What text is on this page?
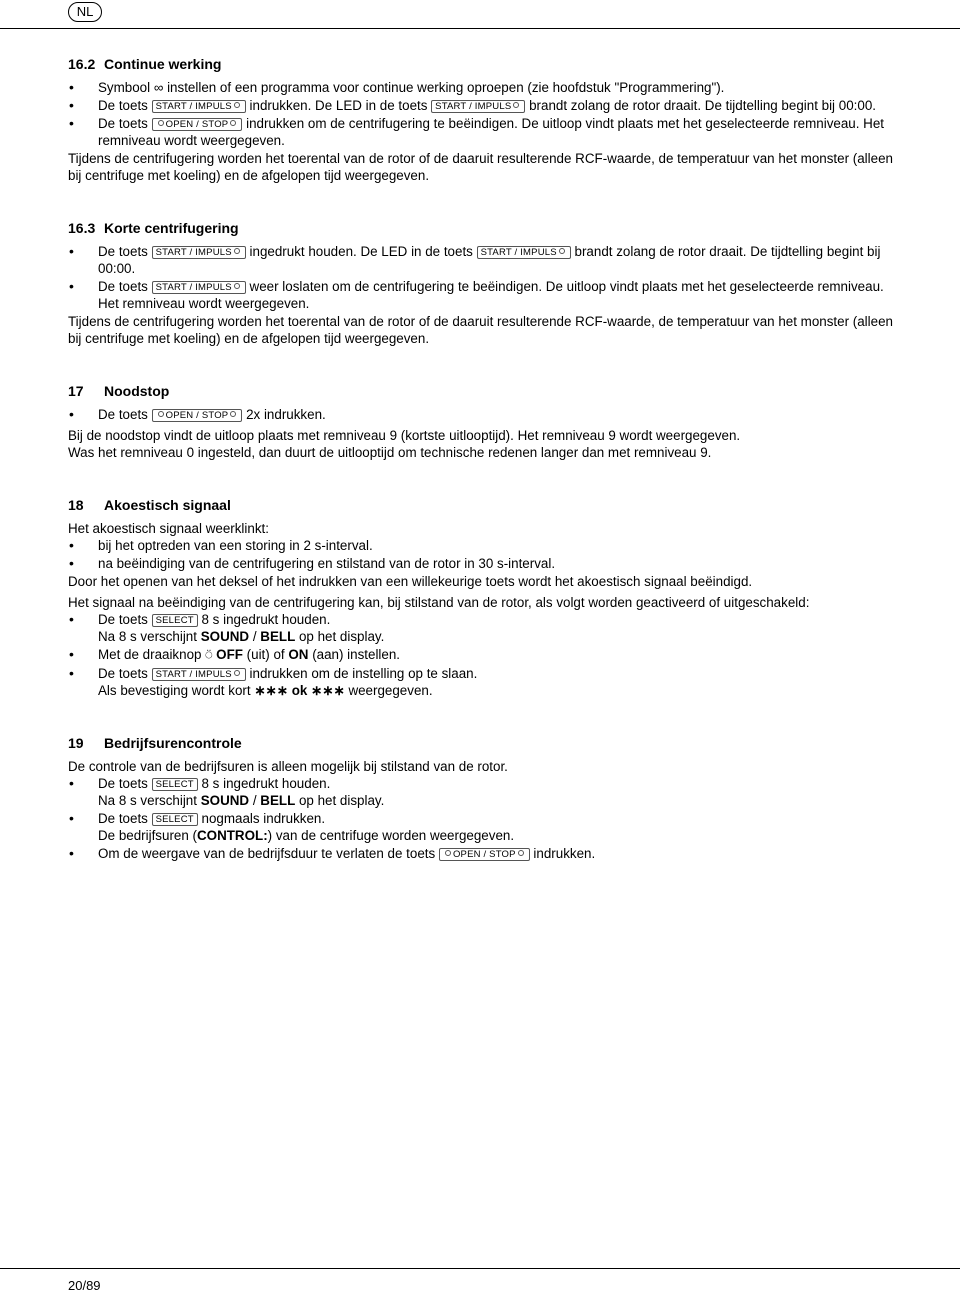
NL
16.2 Continue werking
• Symbool ∞ instellen of een programma voor continue werking oproepen (zie hoofdstuk "Programmering").
• De toets START / IMPULS indrukken. De LED in de toets START / IMPULS brandt zolang de rotor draait. De tijdtelling begint bij 00:00.
• De toets OPEN / STOP indrukken om de centrifugering te beëindigen. De uitloop vindt plaats met het geselecteerde remniveau. Het remniveau wordt weergegeven.

Tijdens de centrifugering worden het toerental van de rotor of de daaruit resulterende RCF-waarde, de temperatuur van het monster (alleen bij centrifuge met koeling) en de afgelopen tijd weergegeven.

16.3 Korte centrifugering
• De toets START / IMPULS ingedrukt houden. De LED in de toets START / IMPULS brandt zolang de rotor draait. De tijdtelling begint bij 00:00.
• De toets START / IMPULS weer loslaten om de centrifugering te beëindigen. De uitloop vindt plaats met het geselecteerde remniveau. Het remniveau wordt weergegeven.

Tijdens de centrifugering worden het toerental van de rotor of de daaruit resulterende RCF-waarde, de temperatuur van het monster (alleen bij centrifuge met koeling) en de afgelopen tijd weergegeven.

17 Noodstop
• De toets OPEN / STOP 2x indrukken.

Bij de noodstop vindt de uitloop plaats met remniveau 9 (kortste uitlooptijd). Het remniveau 9 wordt weergegeven.

Was het remniveau 0 ingesteld, dan duurt de uitlooptijd om technische redenen langer dan met remniveau 9.

18 Akoestisch signaal

Het akoestisch signaal weerklinkt:

• bij het optreden van een storing in 2 s-interval.
• na beëindiging van de centrifugering en stilstand van de rotor in 30 s-interval.

Door het openen van het deksel of het indrukken van een willekeurige toets wordt het akoestisch signaal beëindigd.

Het signaal na beëindiging van de centrifugering kan, bij stilstand van de rotor, als volgt worden geactiveerd of uitgeschakeld:

• De toets SELECT 8 s ingedrukt houden.
Na 8 s verschijnt SOUND / BELL op het display.
• Met de draaiknop ⍥ OFF (uit) of ON (aan) instellen.
• De toets START / IMPULS indrukken om de instelling op te slaan.
Als bevestiging wordt kort ∗∗∗ ok ∗∗∗ weergegeven.
19 Bedrijfsurencontrole

De controle van de bedrijfsuren is alleen mogelijk bij stilstand van de rotor.

• De toets SELECT 8 s ingedrukt houden.
Na 8 s verschijnt SOUND / BELL op het display.
• De toets SELECT nogmaals indrukken.
De bedrijfsuren (CONTROL:) van de centrifuge worden weergegeven.
• Om de weergave van de bedrijfsduur te verlaten de toets OPEN / STOP indrukken.
20/89
